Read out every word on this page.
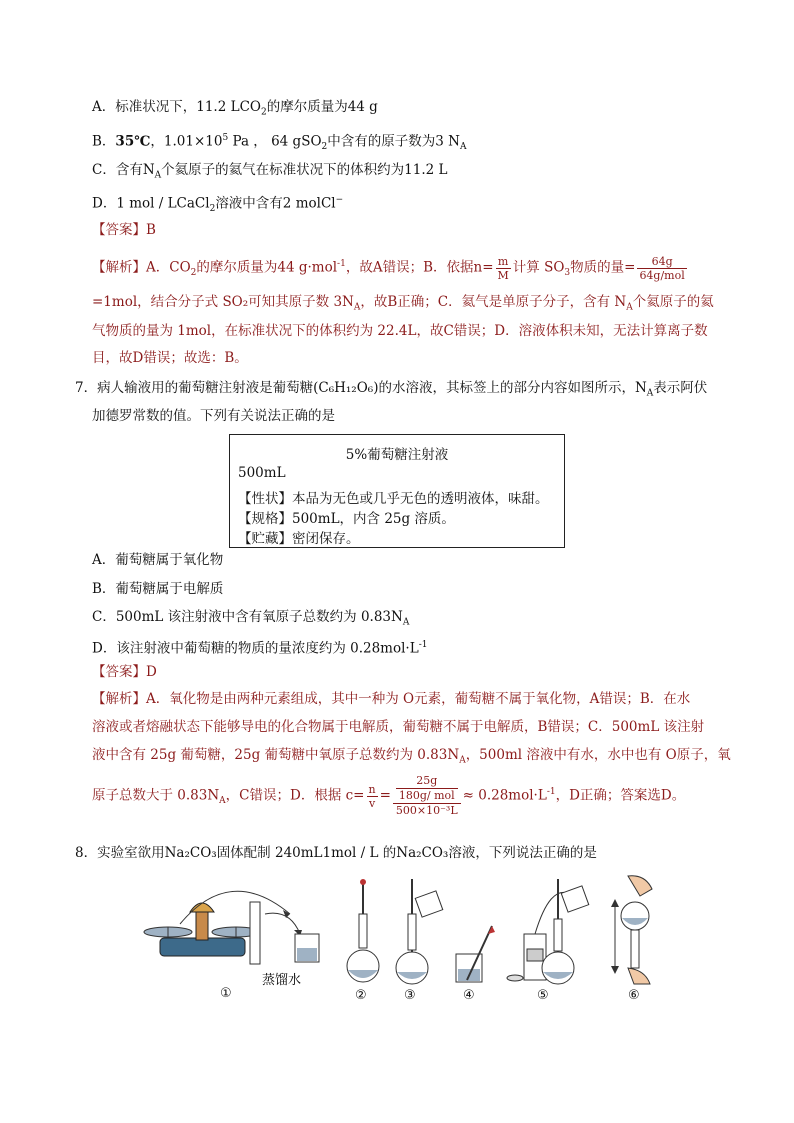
A．标准状况下，11.2 $LCO_2$的摩尔质量为44 g
B．35℃，$1.01\times 10^5$ Pa ， 64 gSO$_2$中含有的原子数为3 $N_A$
C．含有$N_A$个氦原子的氦气在标准状况下的体积约为11.2 L
D．1 mol / LCaCl$_2$溶液中含有2 molCl−
【答案】B
【解析】A．$CO_2$的摩尔质量为44 g·mol$^{-1}$，故A错误；B．依据$n= \frac{m}{M}$ 计算 $SO_3$物质的量= $\frac{64g}{\text{64g/mol}}$
=1mol，结合分子式 SO₂可知其原子数 $3N_A$，故B正确；C．氦气是单原子分子，含有 $N_A$个氦原子的氦
气物质的量为 1mol，在标准状况下的体积约为 22.4L，故C错误；D．溶液体积未知，无法计算离子数
目，故D错误；故选：B。
7．病人输液用的葡萄糖注射液是葡萄糖(C₆H₁₂O₆)的水溶液，其标签上的部分内容如图所示，$N_A$表示阿伏
加德罗常数的值。下列有关说法正确的是
5%葡萄糖注射液
500mL
【性状】本品为无色或几乎无色的透明液体，味甜。
【规格】500mL，内含 25g 溶质。
【贮藏】密闭保存。
A．葡萄糖属于氧化物
B．葡萄糖属于电解质
C．500mL 该注射液中含有氧原子总数约为 $0.83N_A$
D．该注射液中葡萄糖的物质的量浓度约为 $0.28mol\cdot L^{-1}$
【答案】D
【解析】A．氧化物是由两种元素组成，其中一种为 O元素，葡萄糖不属于氧化物，A错误；B．在水
溶液或者熔融状态下能够导电的化合物属于电解质，葡萄糖不属于电解质，B错误；C．500mL 该注射
液中含有 25g 葡萄糖，25g 葡萄糖中氧原子总数约为 $0.83N_A$，500ml 溶液中有水，水中也有 O原子，氧
原子总数大于 $0.83N_A$，C错误；D．根据 $c= \frac{n}{v} = 25g$
180g/ mol
$500\times 10^{-3}L \approx 0.28mol\cdot L^{-1}$，D正确；答案选D。
8．实验室欲用Na₂CO₃固体配制 240mL1mol / L 的Na₂CO₃溶液，下列说法正确的是
蒸馏水
①	②	③	④	⑤	⑥
